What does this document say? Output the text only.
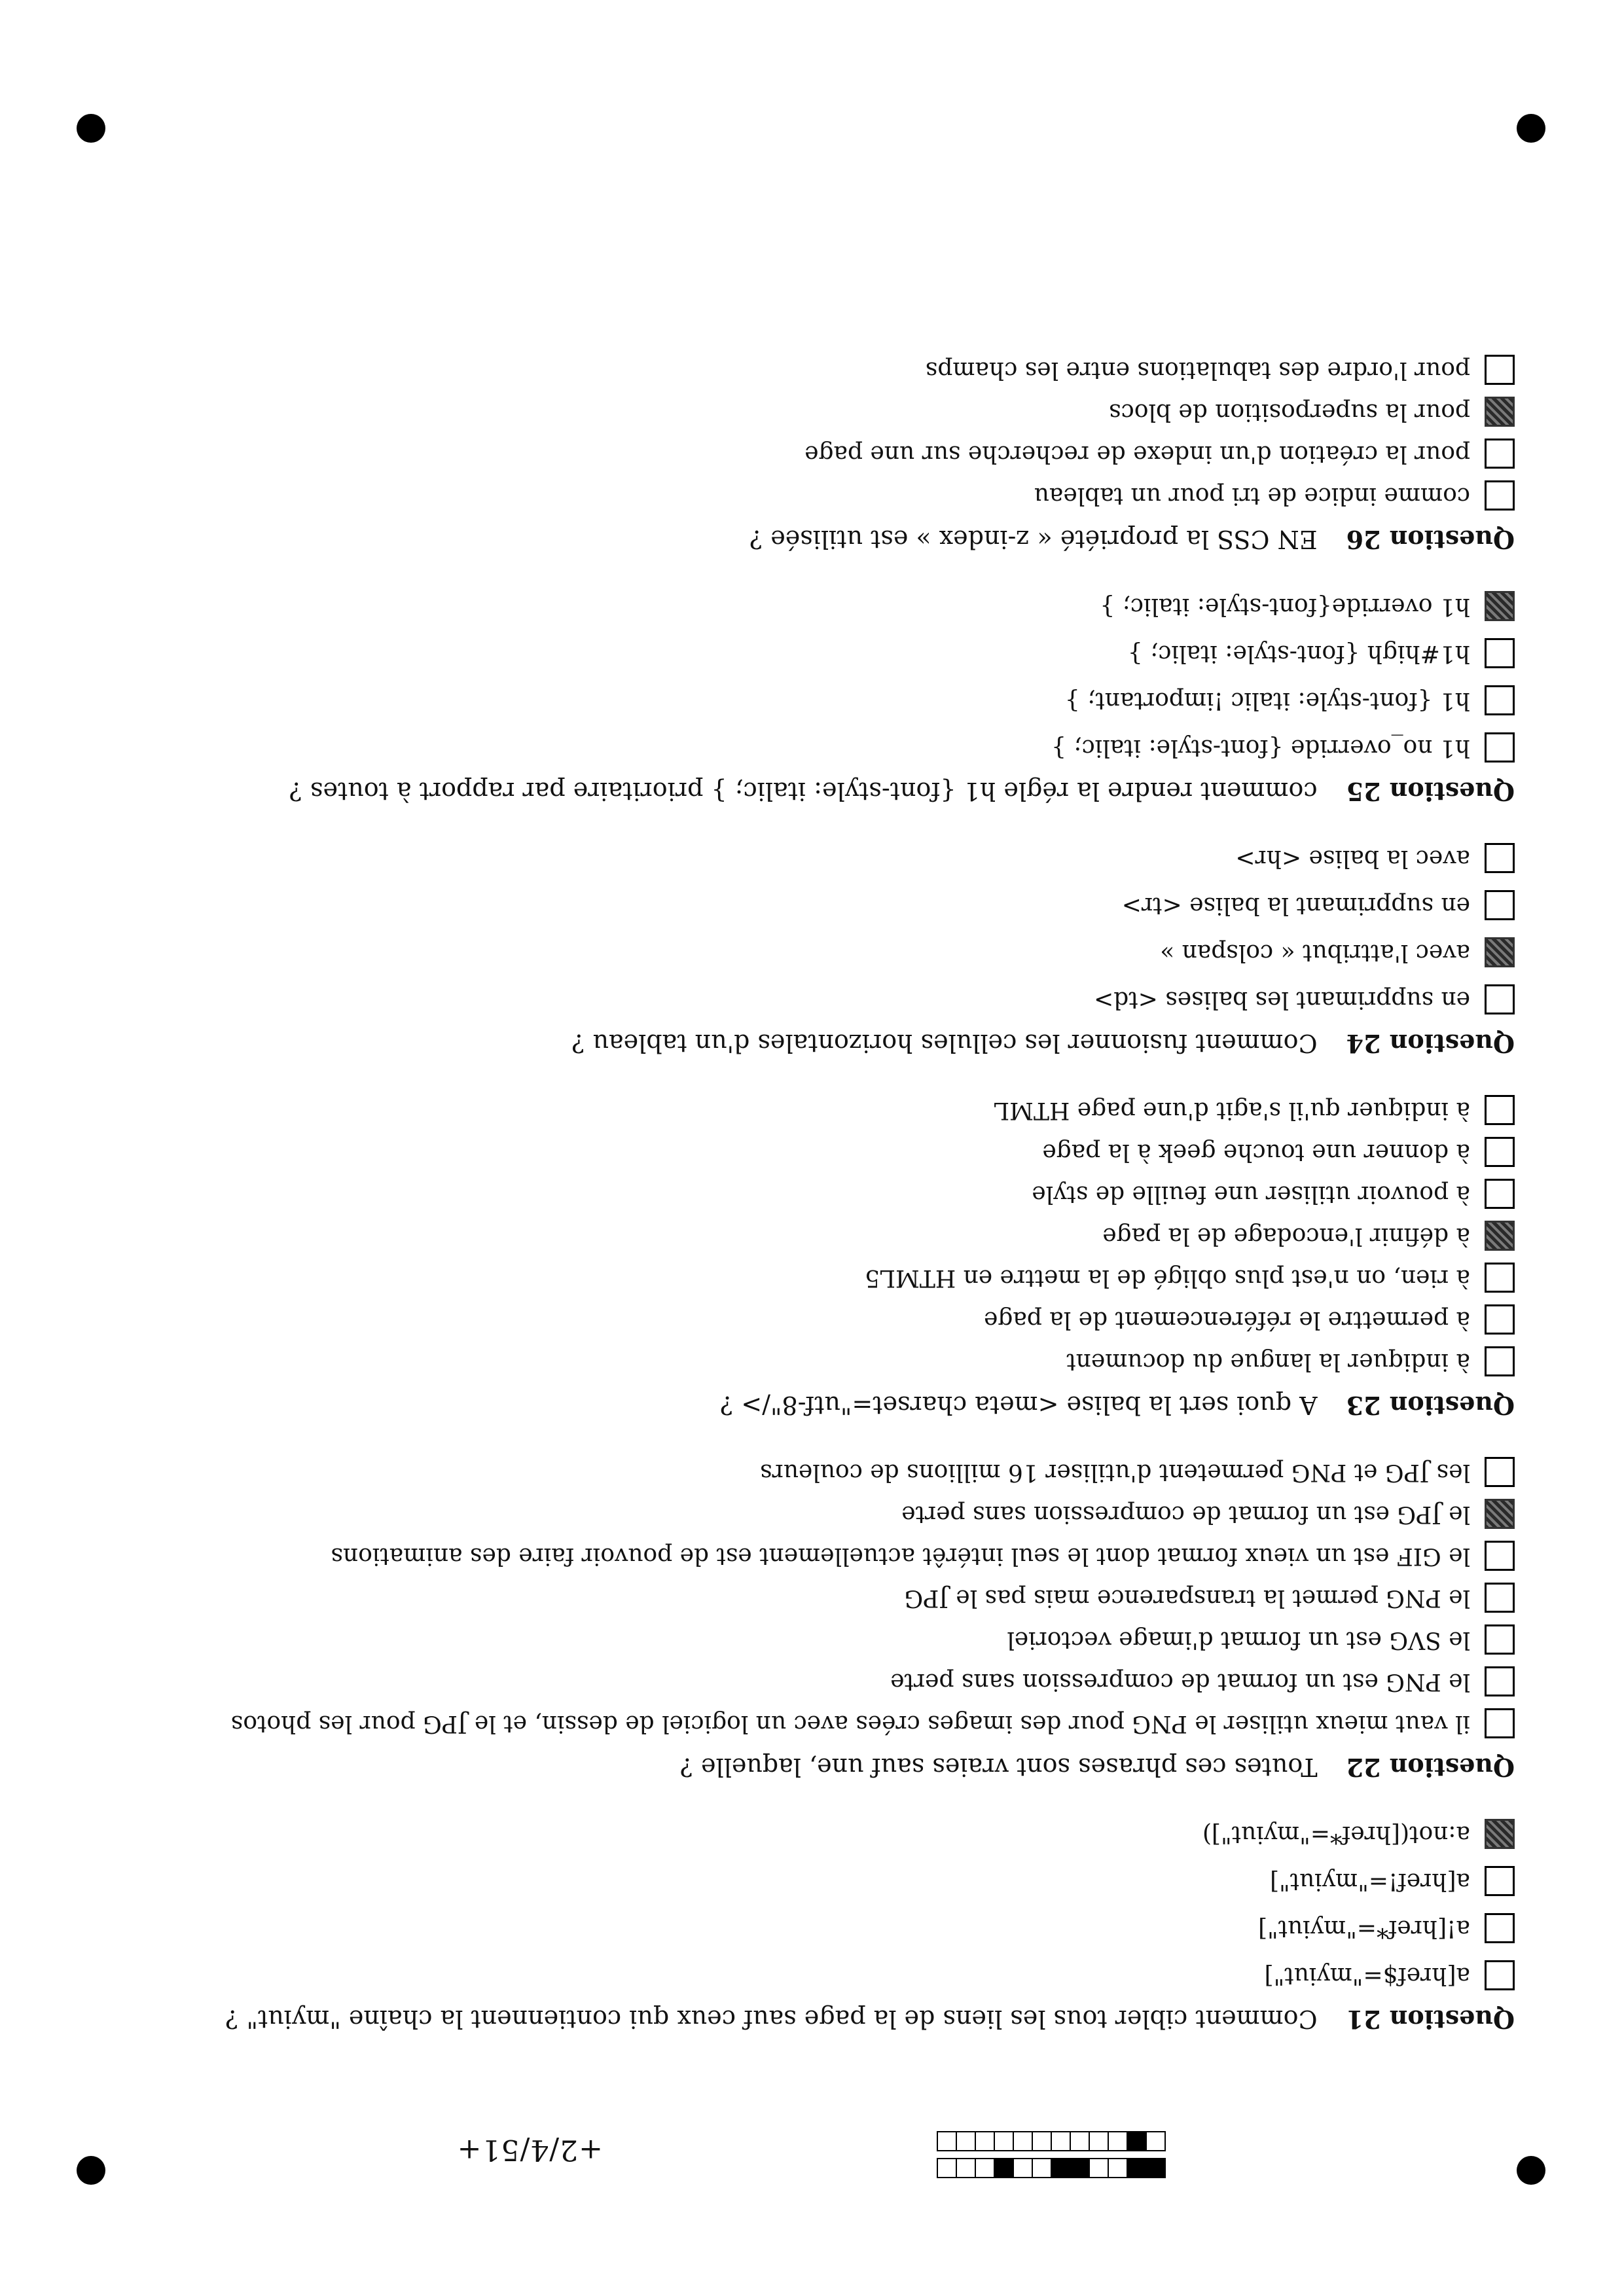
+2/4/51+
Question 21
Comment cibler tous les liens de la page sauf ceux qui contiennent la chaîne "myiut" ?
a[href$="myiut"]
a![href*="myiut"]
a[href!="myiut"]
a:not([href*="myiut"])
Question 22
Toutes ces phrases sont vraies sauf une, laquelle ?
il vaut mieux utiliser le PNG pour des images crées avec un logiciel de dessin, et le JPG pour les photos
le PNG est un format de compression sans perte
le SVG est un format d'image vectoriel
le PNG permet la transparence mais pas le JPG
le GIF est un vieux format dont le seul intérêt actuellement est de pouvoir faire des animations
le JPG est un format de compression sans perte
les JPG et PNG permetent d'utiliser 16 millions de couleurs
Question 23
A quoi sert la balise <meta charset="utf-8"/> ?
à indiquer la langue du document
à permettre le référencement de la page
à rien, on n'est plus obligé de la mettre en HTML5
à définir l'encodage de la page
à pouvoir utiliser une feuille de style
à donner une touche geek à la page
à indiquer qu'il s'agit d'une page HTML
Question 24
Comment fusionner les cellules horizontales d'un tableau ?
en supprimant les balises <td>
avec l'attribut « colspan »
en supprimant la balise <tr>
avec la balise <hr>
Question 25
comment rendre la régle h1 {font-style: italic; } prioritaire par rapport à toutes ?
h1 no_override {font-style: italic; }
h1 {font-style: italic !important; }
h1#high {font-style: italic; }
h1 override{font-style: italic; }
Question 26
EN CSS la propriété « z-index » est utilisée ?
comme indice de tri pour un tableau
pour la création d'un indexe de recherche sur une page
pour la superposition de blocs
pour l'ordre des tabulations entre les champs
